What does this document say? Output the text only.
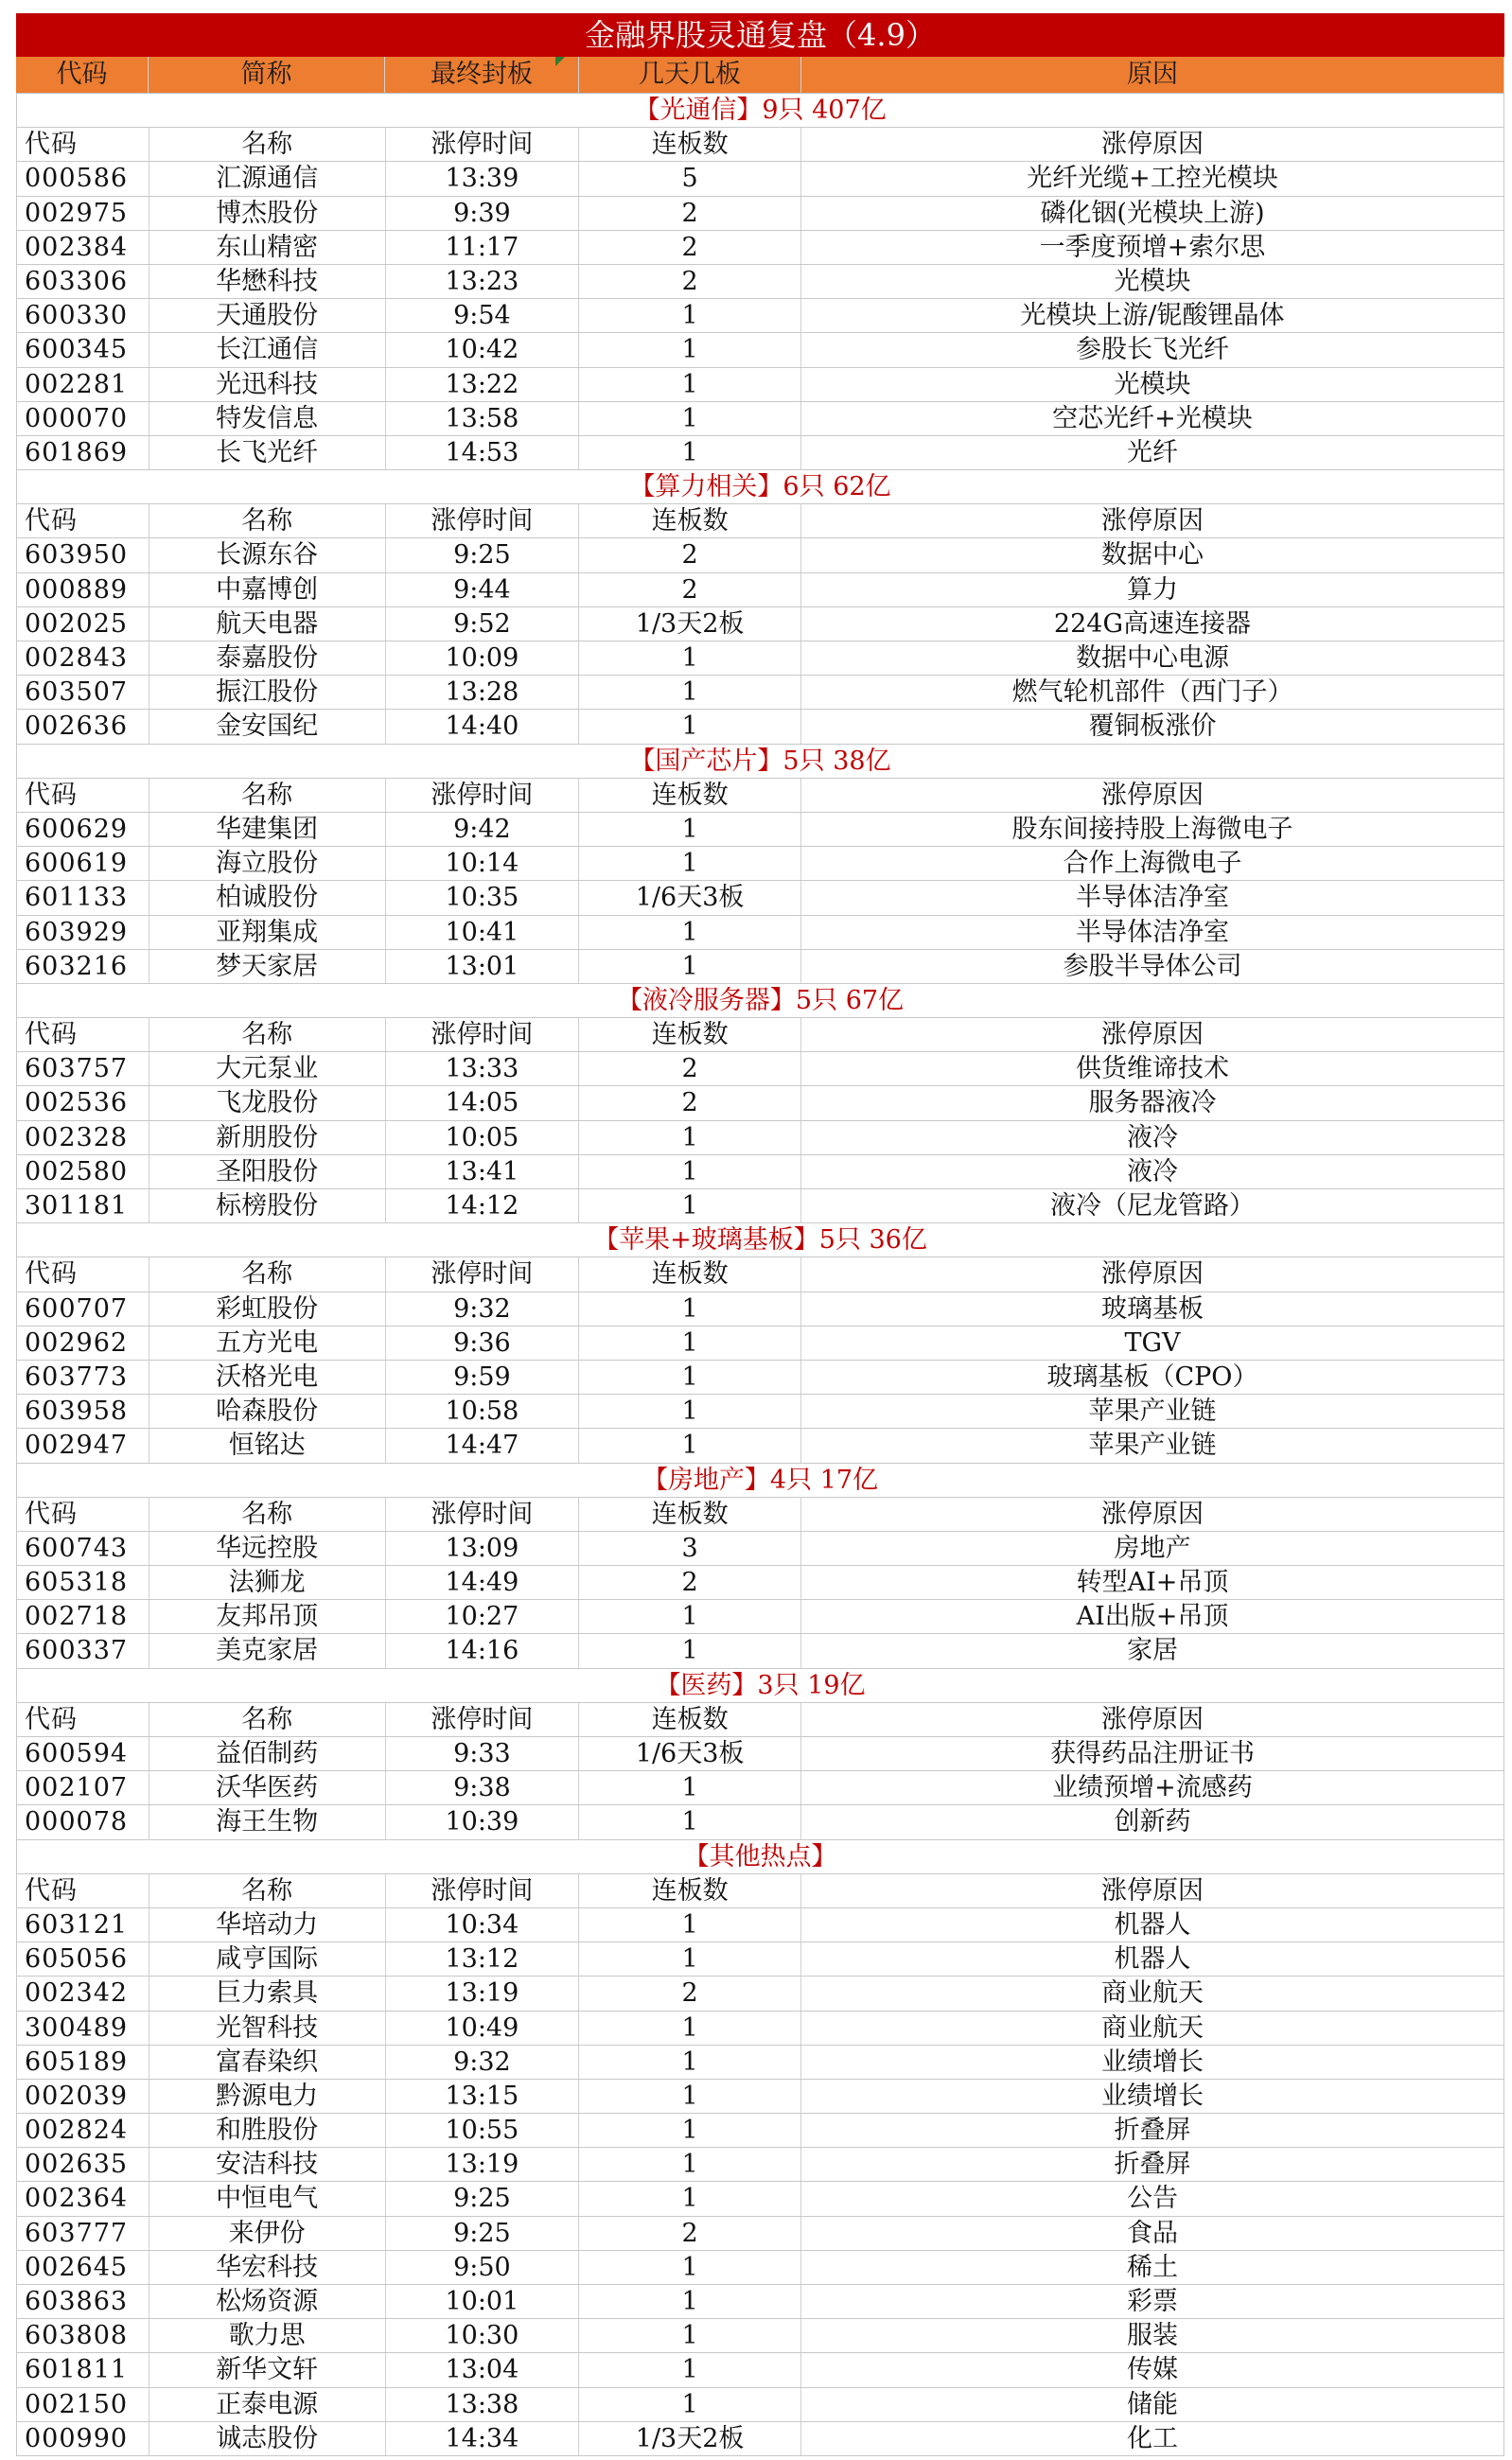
金融界股灵通复盘（4.9）
代码	简称	最终封板	几天几板	原因
【光通信】9只 407亿
代码	名称	涨停时间	连板数	涨停原因
000586	汇源通信	13:39	5	光纤光缆+工控光模块
002975	博杰股份	9:39	2	磷化铟(光模块上游)
002384	东山精密	11:17	2	一季度预增+索尔思
603306	华懋科技	13:23	2	光模块
600330	天通股份	9:54	1	光模块上游/铌酸锂晶体
600345	长江通信	10:42	1	参股长飞光纤
002281	光迅科技	13:22	1	光模块
000070	特发信息	13:58	1	空芯光纤+光模块
601869	长飞光纤	14:53	1	光纤
【算力相关】6只 62亿
代码	名称	涨停时间	连板数	涨停原因
603950	长源东谷	9:25	2	数据中心
000889	中嘉博创	9:44	2	算力
002025	航天电器	9:52	1/3天2板	224G高速连接器
002843	泰嘉股份	10:09	1	数据中心电源
603507	振江股份	13:28	1	燃气轮机部件（西门子）
002636	金安国纪	14:40	1	覆铜板涨价
【国产芯片】5只 38亿
代码	名称	涨停时间	连板数	涨停原因
600629	华建集团	9:42	1	股东间接持股上海微电子
600619	海立股份	10:14	1	合作上海微电子
601133	柏诚股份	10:35	1/6天3板	半导体洁净室
603929	亚翔集成	10:41	1	半导体洁净室
603216	梦天家居	13:01	1	参股半导体公司
【液冷服务器】5只 67亿
代码	名称	涨停时间	连板数	涨停原因
603757	大元泵业	13:33	2	供货维谛技术
002536	飞龙股份	14:05	2	服务器液冷
002328	新朋股份	10:05	1	液冷
002580	圣阳股份	13:41	1	液冷
301181	标榜股份	14:12	1	液冷（尼龙管路）
【苹果+玻璃基板】5只 36亿
代码	名称	涨停时间	连板数	涨停原因
600707	彩虹股份	9:32	1	玻璃基板
002962	五方光电	9:36	1	TGV
603773	沃格光电	9:59	1	玻璃基板（CPO）
603958	哈森股份	10:58	1	苹果产业链
002947	恒铭达	14:47	1	苹果产业链
【房地产】4只 17亿
代码	名称	涨停时间	连板数	涨停原因
600743	华远控股	13:09	3	房地产
605318	法狮龙	14:49	2	转型AI+吊顶
002718	友邦吊顶	10:27	1	AI出版+吊顶
600337	美克家居	14:16	1	家居
【医药】3只 19亿
代码	名称	涨停时间	连板数	涨停原因
600594	益佰制药	9:33	1/6天3板	获得药品注册证书
002107	沃华医药	9:38	1	业绩预增+流感药
000078	海王生物	10:39	1	创新药
【其他热点】
代码	名称	涨停时间	连板数	涨停原因
603121	华培动力	10:34	1	机器人
605056	咸亨国际	13:12	1	机器人
002342	巨力索具	13:19	2	商业航天
300489	光智科技	10:49	1	商业航天
605189	富春染织	9:32	1	业绩增长
002039	黔源电力	13:15	1	业绩增长
002824	和胜股份	10:55	1	折叠屏
002635	安洁科技	13:19	1	折叠屏
002364	中恒电气	9:25	1	公告
603777	来伊份	9:25	2	食品
002645	华宏科技	9:50	1	稀土
603863	松炀资源	10:01	1	彩票
603808	歌力思	10:30	1	服装
601811	新华文轩	13:04	1	传媒
002150	正泰电源	13:38	1	储能
000990	诚志股份	14:34	1/3天2板	化工
